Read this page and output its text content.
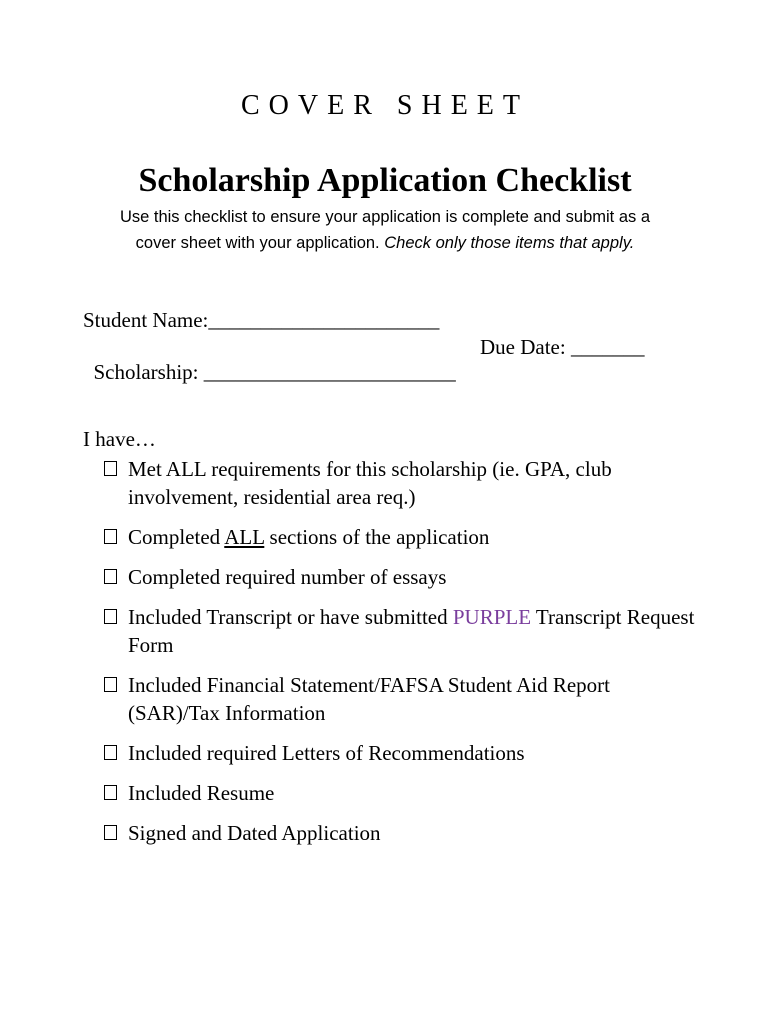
COVER SHEET
Scholarship Application Checklist
Use this checklist to ensure your application is complete and submit as a
cover sheet with your application. Check only those items that apply.
Student Name:______________________

Scholarship: ________________________

Due Date: _______

I have…
Met ALL requirements for this scholarship (ie. GPA, club involvement, residential area req.)
Completed ALL sections of the application
Completed required number of essays
Included Transcript or have submitted PURPLE Transcript Request Form
Included Financial Statement/FAFSA Student Aid Report (SAR)/Tax Information
Included required Letters of Recommendations
Included Resume
Signed and Dated Application
